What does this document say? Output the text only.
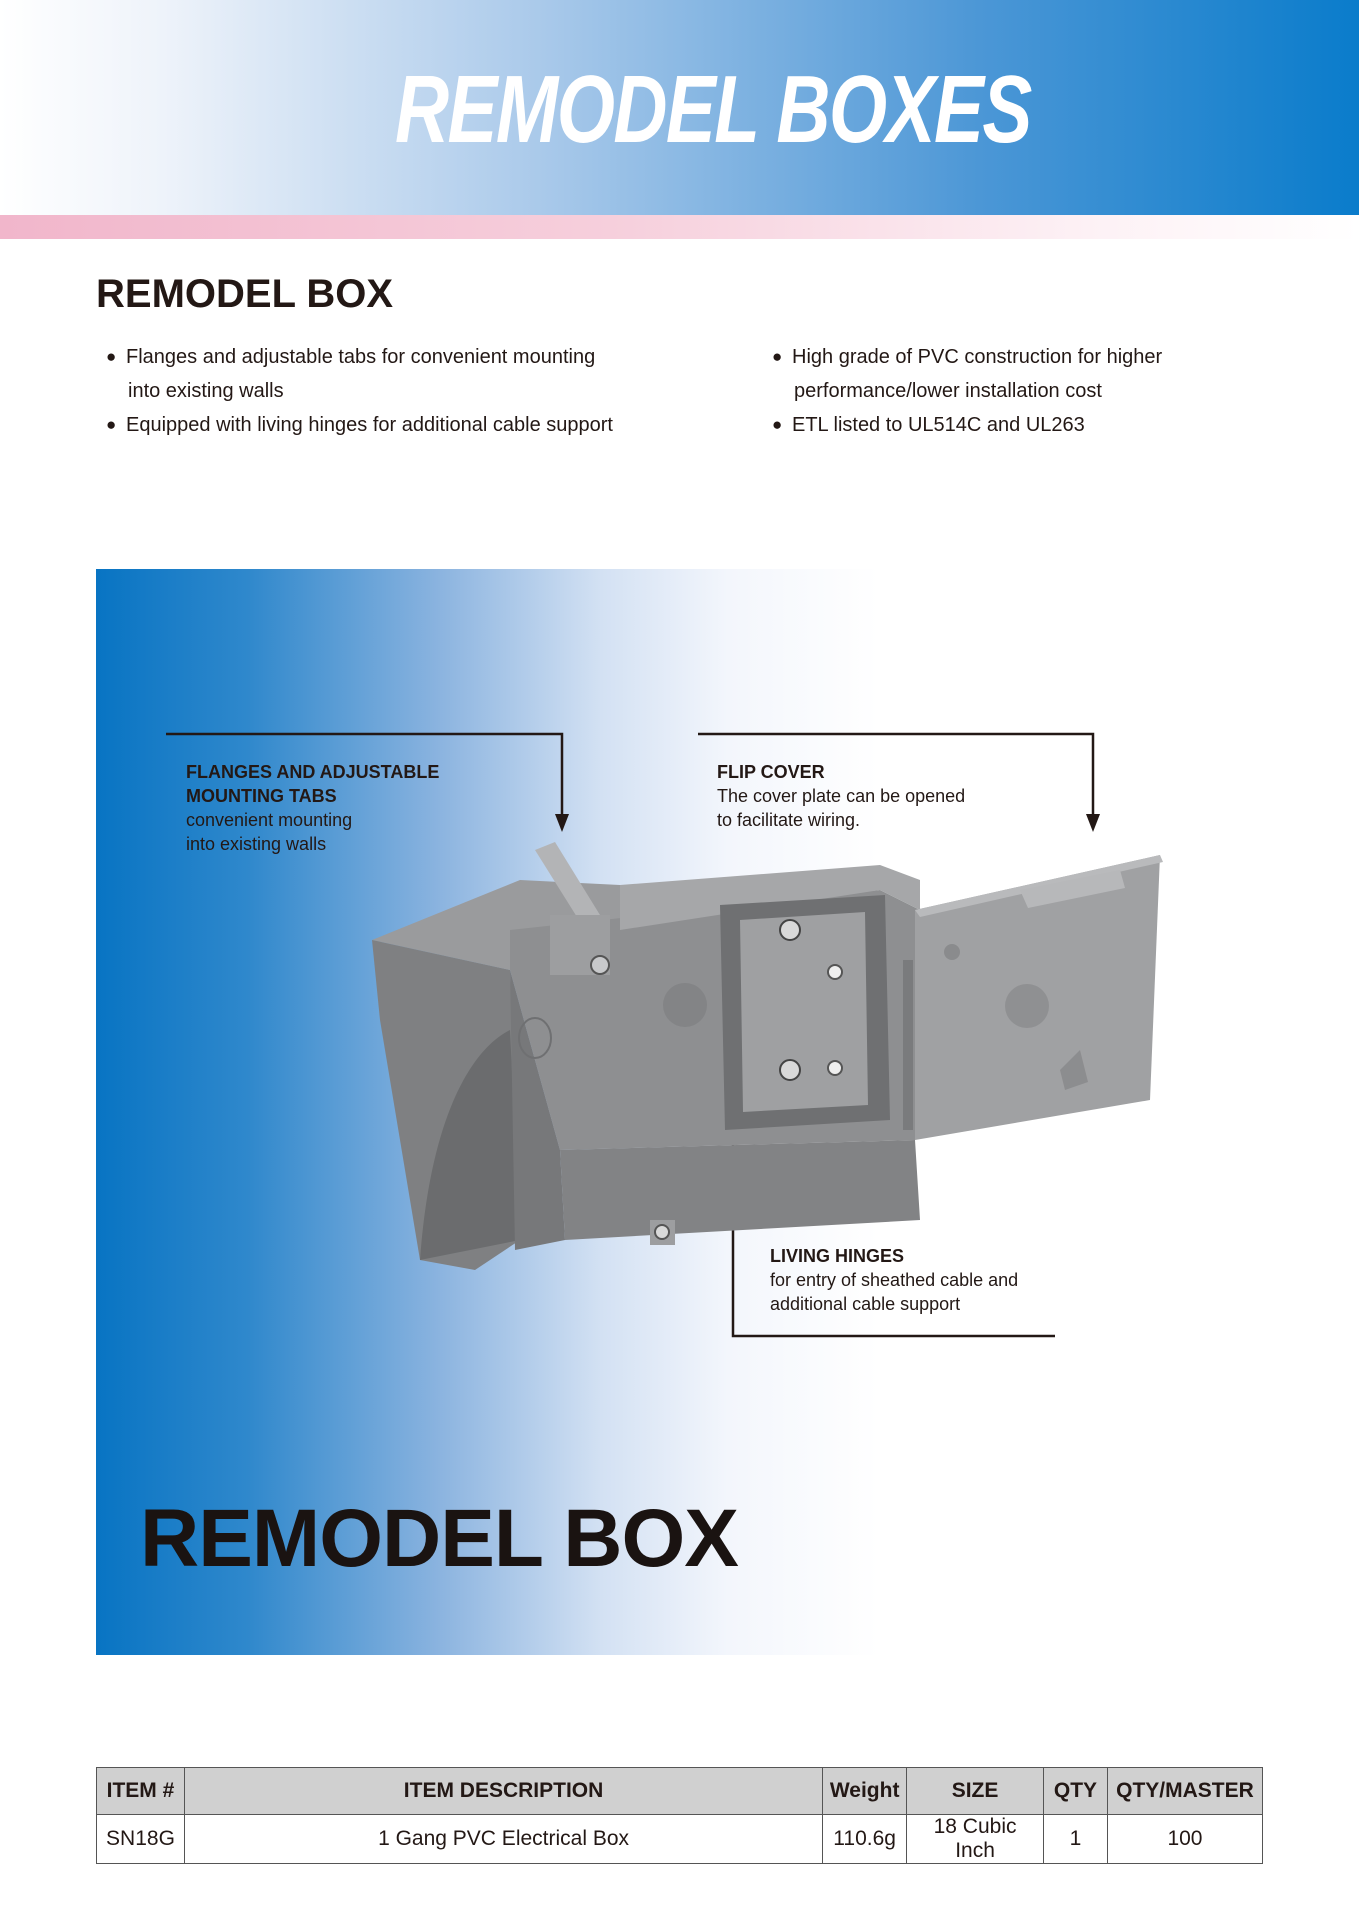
REMODEL BOXES
REMODEL BOX
● Flanges and adjustable tabs for convenient mounting
into existing walls
● Equipped with living hinges for additional cable support
● High grade of PVC construction for higher
performance/lower installation cost
● ETL listed to UL514C and UL263
FLANGES AND ADJUSTABLE
MOUNTING TABS
convenient mounting
into existing walls
FLIP COVER
The cover plate can be opened
to facilitate wiring.
LIVING HINGES
for entry of sheathed cable and
additional cable support
REMODEL BOX
ITEM #	ITEM DESCRIPTION	Weight	SIZE	QTY	QTY/MASTER
SN18G	1 Gang PVC Electrical Box	110.6g	18 Cubic Inch	1	100
